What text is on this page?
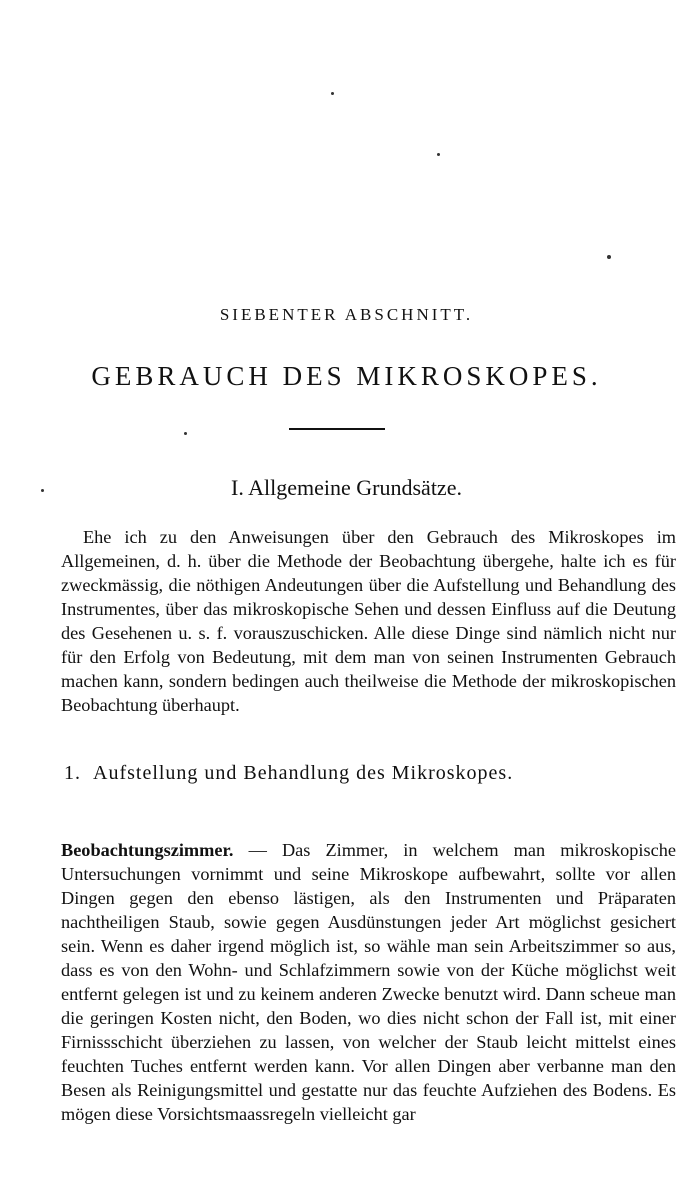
SIEBENTER ABSCHNITT.
GEBRAUCH DES MIKROSKOPES.
I. Allgemeine Grundsätze.
Ehe ich zu den Anweisungen über den Gebrauch des Mikroskopes im Allgemeinen, d. h. über die Methode der Beobachtung übergehe, halte ich es für zweckmässig, die nöthigen Andeutungen über die Aufstellung und Behandlung des Instrumentes, über das mikroskopische Sehen und dessen Einfluss auf die Deutung des Gesehenen u. s. f. vorauszuschicken. Alle diese Dinge sind nämlich nicht nur für den Erfolg von Bedeutung, mit dem man von seinen Instrumenten Gebrauch machen kann, sondern bedingen auch theilweise die Methode der mikroskopischen Beobachtung überhaupt.
1. Aufstellung und Behandlung des Mikroskopes.
Beobachtungszimmer. — Das Zimmer, in welchem man mikroskopische Untersuchungen vornimmt und seine Mikroskope aufbewahrt, sollte vor allen Dingen gegen den ebenso lästigen, als den Instrumenten und Präparaten nachtheiligen Staub, sowie gegen Ausdünstungen jeder Art möglichst gesichert sein. Wenn es daher irgend möglich ist, so wähle man sein Arbeitszimmer so aus, dass es von den Wohn- und Schlafzimmern sowie von der Küche möglichst weit entfernt gelegen ist und zu keinem anderen Zwecke benutzt wird. Dann scheue man die geringen Kosten nicht, den Boden, wo dies nicht schon der Fall ist, mit einer Firnissschicht überziehen zu lassen, von welcher der Staub leicht mittelst eines feuchten Tuches entfernt werden kann. Vor allen Dingen aber verbanne man den Besen als Reinigungsmittel und gestatte nur das feuchte Aufziehen des Bodens. Es mögen diese Vorsichtsmaassregeln vielleicht gar
